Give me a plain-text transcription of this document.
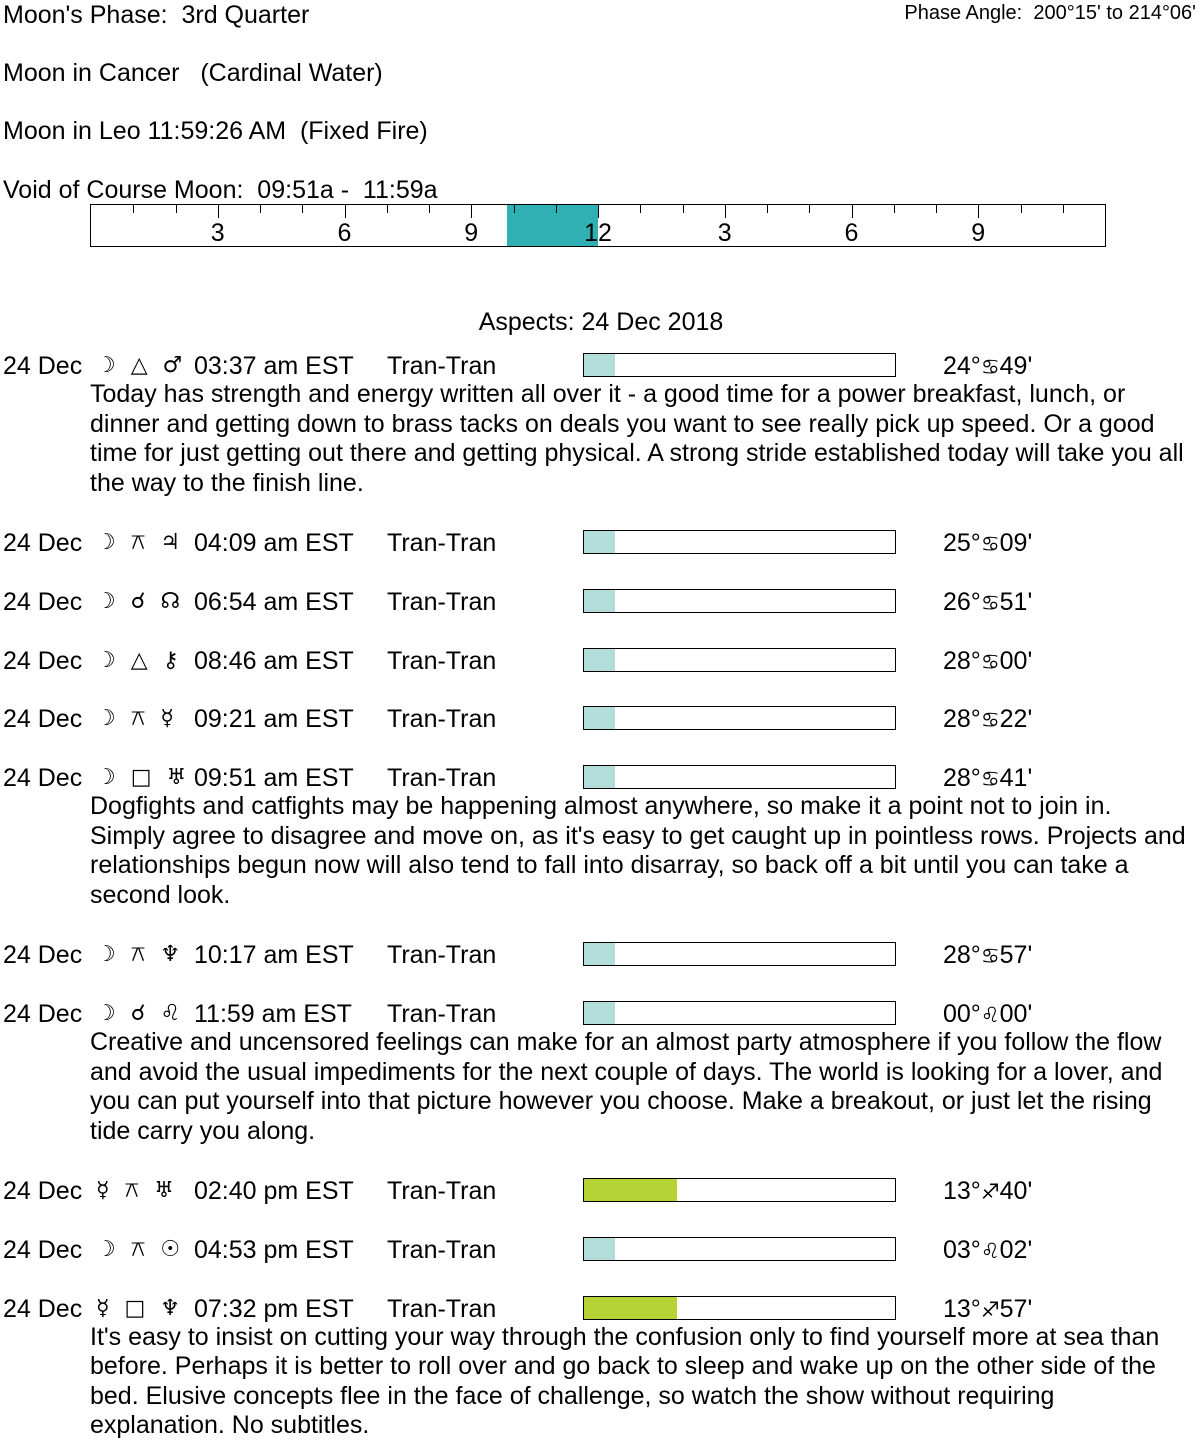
Moon's Phase:  3rd Quarter	Phase Angle:  200°15' to 214°06'
Moon in Cancer   (Cardinal Water)
Moon in Leo 11:59:26 AM  (Fixed Fire)
Void of Course Moon:  09:51a -  11:59a
3	6	9	12	3	6	9
Aspects: 24 Dec 2018
24 Dec ☽ △ ♂ 03:37 am EST Tran-Tran	24°♋49'
Today has strength and energy written all over it - a good time for a power breakfast, lunch, or dinner and getting down to brass tacks on deals you want to see really pick up speed. Or a good time for just getting out there and getting physical. A strong stride established today will take you all the way to the finish line.
24 Dec ☽ ⚻ ♃ 04:09 am EST Tran-Tran	25°♋09'
24 Dec ☽ ☌ ☊ 06:54 am EST Tran-Tran	26°♋51'
24 Dec ☽ △ ⚷ 08:46 am EST Tran-Tran	28°♋00'
24 Dec ☽ ⚻ ☿ 09:21 am EST Tran-Tran	28°♋22'
24 Dec ☽ □ ♅ 09:51 am EST Tran-Tran	28°♋41'
Dogfights and catfights may be happening almost anywhere, so make it a point not to join in. Simply agree to disagree and move on, as it's easy to get caught up in pointless rows. Projects and relationships begun now will also tend to fall into disarray, so back off a bit until you can take a second look.
24 Dec ☽ ⚻ ♆ 10:17 am EST Tran-Tran	28°♋57'
24 Dec ☽ ☌ ♌ 11:59 am EST Tran-Tran	00°♌00'
Creative and uncensored feelings can make for an almost party atmosphere if you follow the flow and avoid the usual impediments for the next couple of days. The world is looking for a lover, and you can put yourself into that picture however you choose. Make a breakout, or just let the rising tide carry you along.
24 Dec ☿ ⚻ ♅ 02:40 pm EST Tran-Tran	13°♐40'
24 Dec ☽ ⚻ ☉ 04:53 pm EST Tran-Tran	03°♌02'
24 Dec ☿ □ ♆ 07:32 pm EST Tran-Tran	13°♐57'
It's easy to insist on cutting your way through the confusion only to find yourself more at sea than before. Perhaps it is better to roll over and go back to sleep and wake up on the other side of the bed. Elusive concepts flee in the face of challenge, so watch the show without requiring explanation. No subtitles.
